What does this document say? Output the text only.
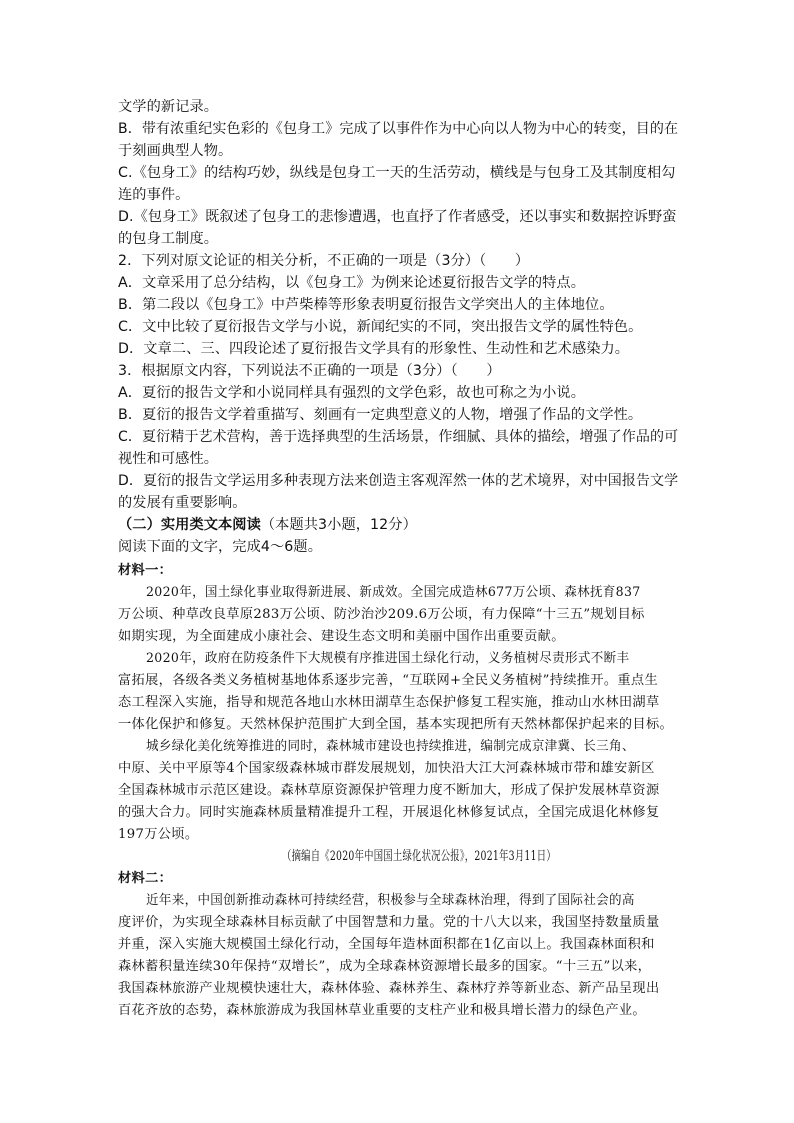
文学的新记录。
B．带有浓重纪实色彩的《包身工》完成了以事件作为中心向以人物为中心的转变，目的在
于刻画典型人物。
C.《包身工》的结构巧妙，纵线是包身工一天的生活劳动，横线是与包身工及其制度相勾
连的事件。
D.《包身工》既叙述了包身工的悲惨遭遇，也直抒了作者感受，还以事实和数据控诉野蛮
的包身工制度。
2．下列对原文论证的相关分析，不正确的一项是（3分）（　　）
A．文章采用了总分结构，以《包身工》为例来论述夏衍报告文学的特点。
B．第二段以《包身工》中芦柴棒等形象表明夏衍报告文学突出人的主体地位。
C．文中比较了夏衍报告文学与小说，新闻纪实的不同，突出报告文学的属性特色。
D．文章二、三、四段论述了夏衍报告文学具有的形象性、生动性和艺术感染力。
3．根据原文内容，下列说法不正确的一项是（3分）（　　）
A．夏衍的报告文学和小说同样具有强烈的文学色彩，故也可称之为小说。
B．夏衍的报告文学着重描写、刻画有一定典型意义的人物，增强了作品的文学性。
C．夏衍精于艺术营构，善于选择典型的生活场景，作细腻、具体的描绘，增强了作品的可
视性和可感性。
D．夏衍的报告文学运用多种表现方法来创造主客观浑然一体的艺术境界，对中国报告文学
的发展有重要影响。
（二）实用类文本阅读（本题共3小题，12分）
阅读下面的文字，完成4～6题。
材料一：
2020年，国土绿化事业取得新进展、新成效。全国完成造林677万公顷、森林抚育837
万公顷、种草改良草原283万公顷、防沙治沙209.6万公顷，有力保障“十三五”规划目标
如期实现，为全面建成小康社会、建设生态文明和美丽中国作出重要贡献。
2020年，政府在防疫条件下大规模有序推进国土绿化行动，义务植树尽责形式不断丰
富拓展，各级各类义务植树基地体系逐步完善，“互联网+全民义务植树”持续推开。重点生
态工程深入实施，指导和规范各地山水林田湖草生态保护修复工程实施，推动山水林田湖草
一体化保护和修复。天然林保护范围扩大到全国，基本实现把所有天然林都保护起来的目标。
城乡绿化美化统筹推进的同时，森林城市建设也持续推进，编制完成京津冀、长三角、
中原、关中平原等4个国家级森林城市群发展规划，加快沿大江大河森林城市带和雄安新区
全国森林城市示范区建设。森林草原资源保护管理力度不断加大，形成了保护发展林草资源
的强大合力。同时实施森林质量精准提升工程，开展退化林修复试点，全国完成退化林修复
197万公顷。
（摘编自《2020年中国国土绿化状况公报》，2021年3月11日）
材料二：
近年来，中国创新推动森林可持续经营，积极参与全球森林治理，得到了国际社会的高
度评价，为实现全球森林目标贡献了中国智慧和力量。党的十八大以来，我国坚持数量质量
并重，深入实施大规模国土绿化行动，全国每年造林面积都在1亿亩以上。我国森林面积和
森林蓄积量连续30年保持“双增长”，成为全球森林资源增长最多的国家。“十三五”以来，
我国森林旅游产业规模快速壮大，森林体验、森林养生、森林疗养等新业态、新产品呈现出
百花齐放的态势，森林旅游成为我国林草业重要的支柱产业和极具增长潜力的绿色产业。
